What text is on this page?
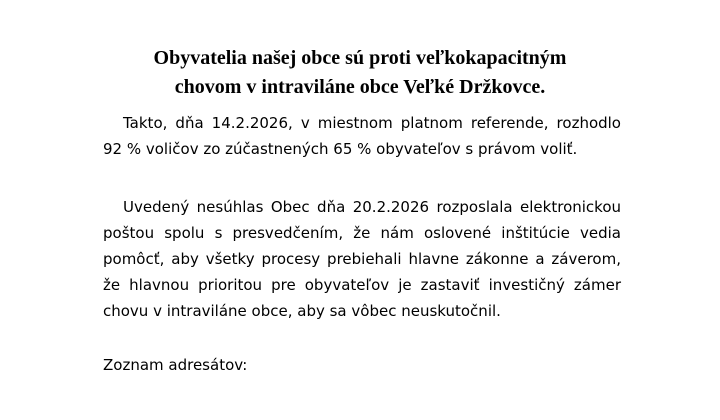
Obyvatelia našej obce sú proti veľkokapacitným
chovom v intraviláne obce Veľké Držkovce.

Takto, dňa 14.2.2026, v miestnom platnom referende, rozhodlo 92 % voličov zo zúčastnených 65 % obyvateľov s právom voliť.

Uvedený nesúhlas Obec dňa 20.2.2026 rozposlala elektronickou poštou spolu s presvedčením, že nám oslovené inštitúcie vedia pomôcť, aby všetky procesy prebiehali hlavne zákonne a záverom, že hlavnou prioritou pre obyvateľov je zastaviť investičný zámer chovu v intraviláne obce, aby sa vôbec neuskutočnil.

Zoznam adresátov:
